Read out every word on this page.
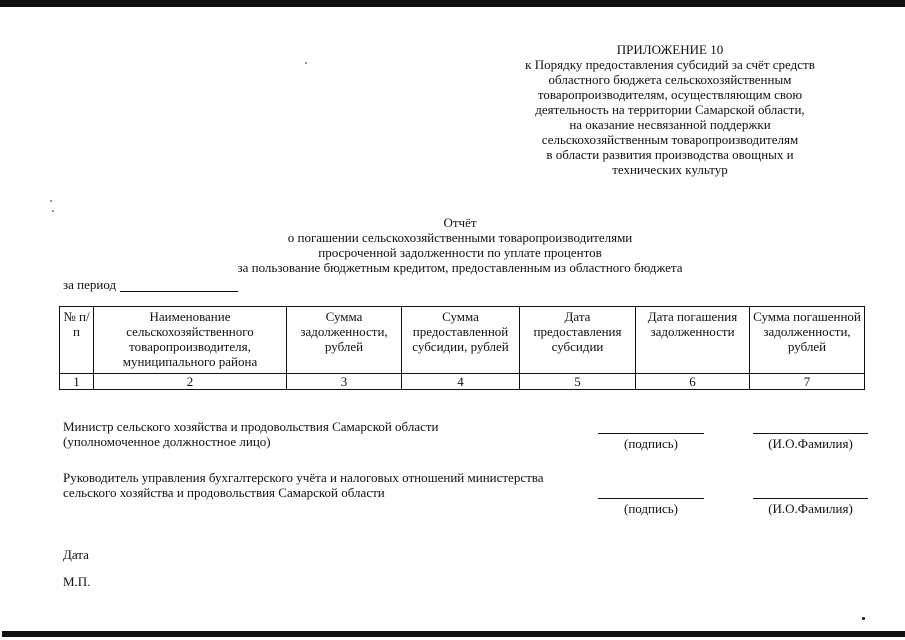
ПРИЛОЖЕНИЕ 10
к Порядку предоставления субсидий за счёт средств
областного бюджета сельскохозяйственным
товаропроизводителям, осуществляющим свою
деятельность на территории Самарской области,
на оказание несвязанной поддержки
сельскохозяйственным товаропроизводителям
в области развития производства овощных и
технических культур
Отчёт
о погашении сельскохозяйственными товаропроизводителями
просроченной задолженности по уплате процентов
за пользование бюджетным кредитом, предоставленным из областного бюджета
за период
№ п/п	Наименование сельскохозяйственного товаропроизводителя, муниципального района	Сумма задолженности, рублей	Сумма предоставленной субсидии, рублей	Дата предоставления субсидии	Дата погашения задолженности	Сумма погашенной задолженности, рублей
1	2	3	4	5	6	7
Министр сельского хозяйства и продовольствия Самарской области
(уполномоченное должностное лицо)	(подпись)	(И.О.Фамилия)
Руководитель управления бухгалтерского учёта и налоговых отношений министерства
сельского хозяйства и продовольствия Самарской области
(подпись)	(И.О.Фамилия)
Дата
М.П.
